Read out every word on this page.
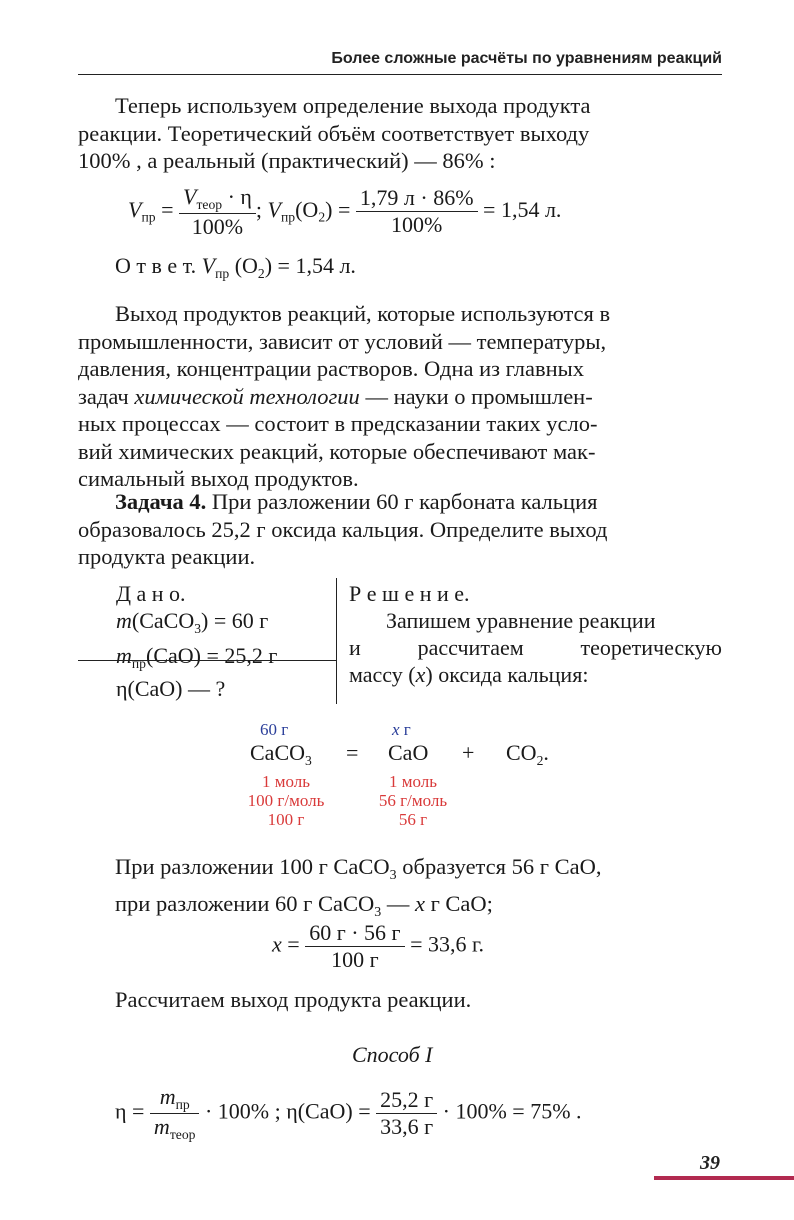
Более сложные расчёты по уравнениям реакций
Теперь используем определение выхода продукта
реакции. Теоретический объём соответствует выходу
100% , а реальный (практический) — 86% :
$V_{пр} = \frac{V_{теор} \cdot \eta}{100\%}$ ; $V_{пр}(O_2) = \frac{1,79 л \cdot 86\%}{100\%} = 1,54$ л.
О т в е т. $V_{пр}$ $(O_2) = 1,54$ л.
Выход продуктов реакций, которые используются в
промышленности, зависит от условий — температуры,
давления, концентрации растворов. Одна из главных
задач химической технологии — науки о промышлен-
ных процессах — состоит в предсказании таких усло-
вий химических реакций, которые обеспечивают мак-
симальный выход продуктов.
Задача 4. При разложении 60 г карбоната кальция
образовалось 25,2 г оксида кальция. Определите выход
продукта реакции.
Д а н о.
m(CaCO$_3$) = 60 г
$m_{пр}(CaO) = 25,2$ г
η(CaO) — ?
Р е ш е н и е.
Запишем уравнение реакции
и	рассчитаем	теоретическую
массу (x) оксида кальция:
60 г	x г
CaCO$_3$ = CaO + $CO_2$.
1 моль
100 г/моль
100 г
1 моль
56 г/моль
56 г
При разложении 100 г CaCO$_3$ образуется 56 г CaO,
при разложении 60 г CaCO$_3$ — x г CaO;
$x = \frac{60 г \cdot 56 г}{100 г} = 33,6$ г.
Рассчитаем выход продукта реакции.
Способ I
$\eta = \frac{m_{пр}}{m_{теор}} \cdot 100\%$ ; $\eta(CaO) = \frac{25,2 г}{33,6 г} \cdot 100\% = 75\%$ .
39
